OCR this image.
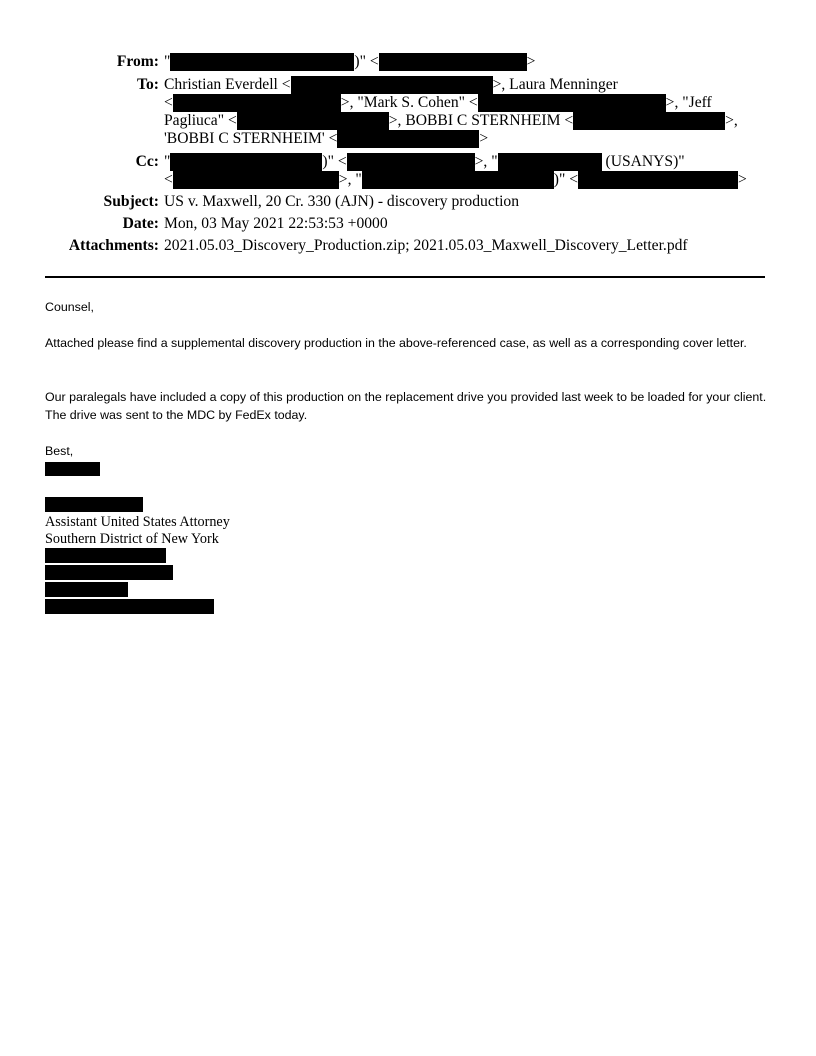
From: "	)" <	>
To: Christian Everdell <	>, Laura Menninger
<	>, "Mark S. Cohen" <	>, "Jeff
Pagliuca" <	>, BOBBI C STERNHEIM <	>,
'BOBBI C STERNHEIM' <	>
Cc: "	)" <	>, "	(USANYS)"
<	>, "	)" <	>
Subject: US v. Maxwell, 20 Cr. 330 (AJN) - discovery production
Date: Mon, 03 May 2021 22:53:53 +0000
Attachments: 2021.05.03_Discovery_Production.zip; 2021.05.03_Maxwell_Discovery_Letter.pdf
Counsel,
Attached please find a supplemental discovery production in the above-referenced case, as well as a corresponding cover letter.
Our paralegals have included a copy of this production on the replacement drive you provided last week to be loaded for your client. The drive was sent to the MDC by FedEx today.
Best,
Assistant United States Attorney
Southern District of New York
